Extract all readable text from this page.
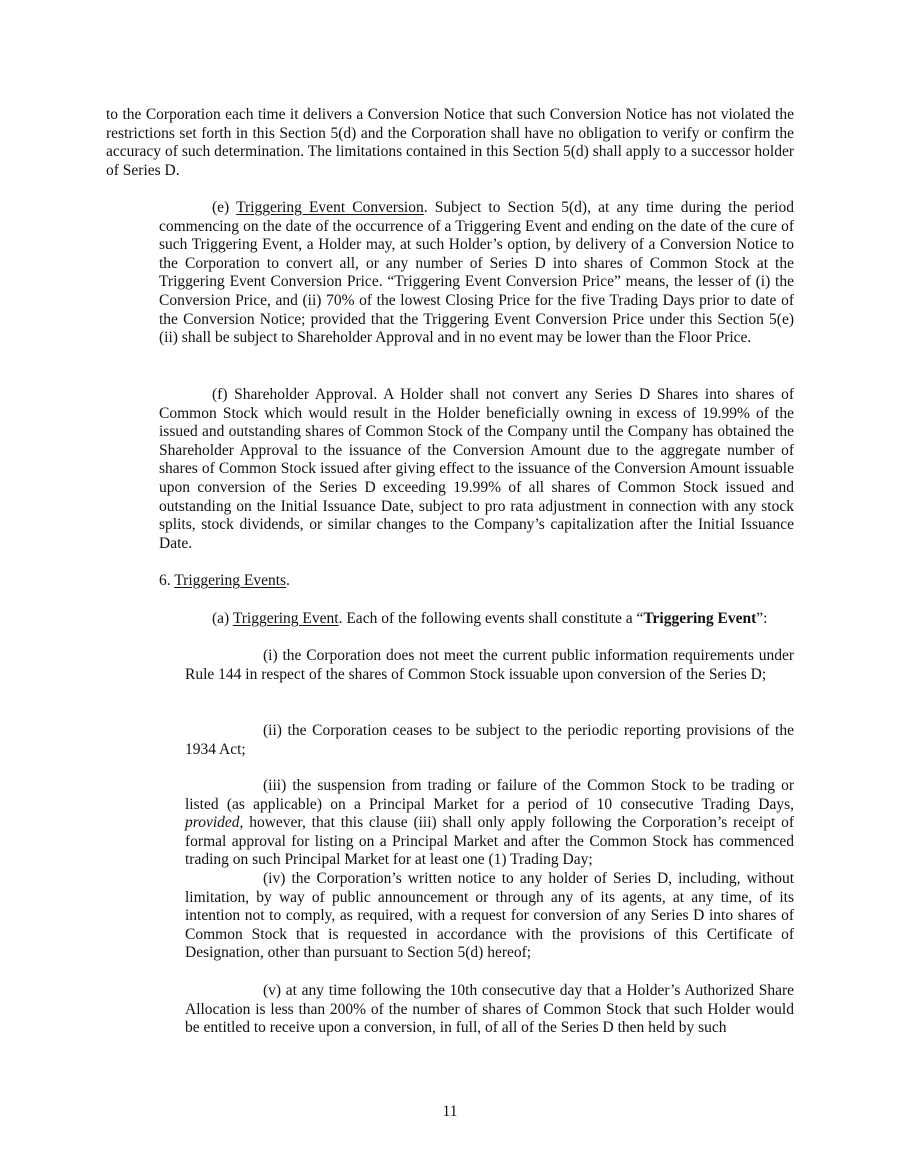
to the Corporation each time it delivers a Conversion Notice that such Conversion Notice has not violated the restrictions set forth in this Section 5(d) and the Corporation shall have no obligation to verify or confirm the accuracy of such determination. The limitations contained in this Section 5(d) shall apply to a successor holder of Series D.

(e) Triggering Event Conversion. Subject to Section 5(d), at any time during the period commencing on the date of the occurrence of a Triggering Event and ending on the date of the cure of such Triggering Event, a Holder may, at such Holder’s option, by delivery of a Conversion Notice to the Corporation to convert all, or any number of Series D into shares of Common Stock at the Triggering Event Conversion Price. “Triggering Event Conversion Price” means, the lesser of (i) the Conversion Price, and (ii) 70% of the lowest Closing Price for the five Trading Days prior to date of the Conversion Notice; provided that the Triggering Event Conversion Price under this Section 5(e)(ii) shall be subject to Shareholder Approval and in no event may be lower than the Floor Price.

(f) Shareholder Approval. A Holder shall not convert any Series D Shares into shares of Common Stock which would result in the Holder beneficially owning in excess of 19.99% of the issued and outstanding shares of Common Stock of the Company until the Company has obtained the Shareholder Approval to the issuance of the Conversion Amount due to the aggregate number of shares of Common Stock issued after giving effect to the issuance of the Conversion Amount issuable upon conversion of the Series D exceeding 19.99% of all shares of Common Stock issued and outstanding on the Initial Issuance Date, subject to pro rata adjustment in connection with any stock splits, stock dividends, or similar changes to the Company’s capitalization after the Initial Issuance Date.

6. Triggering Events.

(a) Triggering Event. Each of the following events shall constitute a “Triggering Event”:

(i) the Corporation does not meet the current public information requirements under Rule 144 in respect of the shares of Common Stock issuable upon conversion of the Series D;

(ii) the Corporation ceases to be subject to the periodic reporting provisions of the 1934 Act;

(iii) the suspension from trading or failure of the Common Stock to be trading or listed (as applicable) on a Principal Market for a period of 10 consecutive Trading Days, provided, however, that this clause (iii) shall only apply following the Corporation’s receipt of formal approval for listing on a Principal Market and after the Common Stock has commenced trading on such Principal Market for at least one (1) Trading Day;

(iv) the Corporation’s written notice to any holder of Series D, including, without limitation, by way of public announcement or through any of its agents, at any time, of its intention not to comply, as required, with a request for conversion of any Series D into shares of Common Stock that is requested in accordance with the provisions of this Certificate of Designation, other than pursuant to Section 5(d) hereof;

(v) at any time following the 10th consecutive day that a Holder’s Authorized Share Allocation is less than 200% of the number of shares of Common Stock that such Holder would be entitled to receive upon a conversion, in full, of all of the Series D then held by such

11
